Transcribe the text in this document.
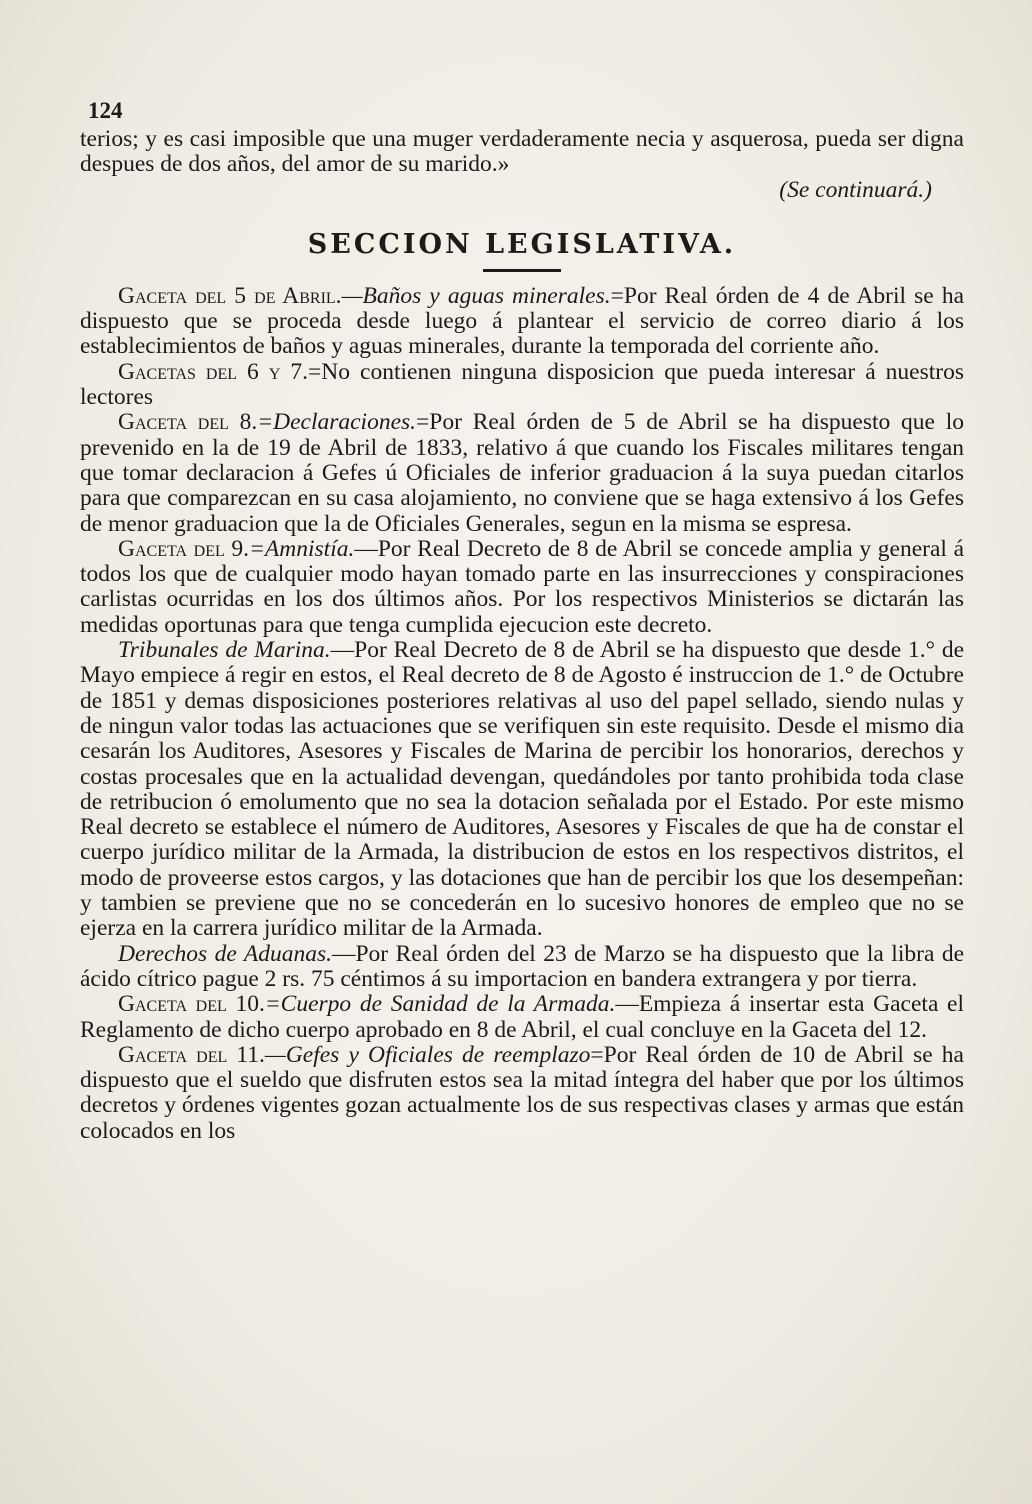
124

terios; y es casi imposible que una muger verdaderamente necia y asquerosa, pueda ser digna despues de dos años, del amor de su marido.»

(Se continuará.)

SECCION LEGISLATIVA.

Gaceta del 5 de Abril.—Baños y aguas minerales.=Por Real órden de 4 de Abril se ha dispuesto que se proceda desde luego á plantear el servicio de correo diario á los establecimientos de baños y aguas minerales, durante la temporada del corriente año.

Gacetas del 6 y 7.=No contienen ninguna disposicion que pueda interesar á nuestros lectores

Gaceta del 8.=Declaraciones.=Por Real órden de 5 de Abril se ha dispuesto que lo prevenido en la de 19 de Abril de 1833, relativo á que cuando los Fiscales militares tengan que tomar declaracion á Gefes ú Oficiales de inferior graduacion á la suya puedan citarlos para que comparezcan en su casa alojamiento, no conviene que se haga extensivo á los Gefes de menor graduacion que la de Oficiales Generales, segun en la misma se espresa.

Gaceta del 9.=Amnistía.—Por Real Decreto de 8 de Abril se concede amplia y general á todos los que de cualquier modo hayan tomado parte en las insurrecciones y conspiraciones carlistas ocurridas en los dos últimos años. Por los respectivos Ministerios se dictarán las medidas oportunas para que tenga cumplida ejecucion este decreto.

Tribunales de Marina.—Por Real Decreto de 8 de Abril se ha dispuesto que desde 1.° de Mayo empiece á regir en estos, el Real decreto de 8 de Agosto é instruccion de 1.° de Octubre de 1851 y demas disposiciones posteriores relativas al uso del papel sellado, siendo nulas y de ningun valor todas las actuaciones que se verifiquen sin este requisito. Desde el mismo dia cesarán los Auditores, Asesores y Fiscales de Marina de percibir los honorarios, derechos y costas procesales que en la actualidad devengan, quedándoles por tanto prohibida toda clase de retribucion ó emolumento que no sea la dotacion señalada por el Estado. Por este mismo Real decreto se establece el número de Auditores, Asesores y Fiscales de que ha de constar el cuerpo jurídico militar de la Armada, la distribucion de estos en los respectivos distritos, el modo de proveerse estos cargos, y las dotaciones que han de percibir los que los desempeñan: y tambien se previene que no se concederán en lo sucesivo honores de empleo que no se ejerza en la carrera jurídico militar de la Armada.

Derechos de Aduanas.—Por Real órden del 23 de Marzo se ha dispuesto que la libra de ácido cítrico pague 2 rs. 75 céntimos á su importacion en bandera extrangera y por tierra.

Gaceta del 10.=Cuerpo de Sanidad de la Armada.—Empieza á insertar esta Gaceta el Reglamento de dicho cuerpo aprobado en 8 de Abril, el cual concluye en la Gaceta del 12.

Gaceta del 11.—Gefes y Oficiales de reemplazo=Por Real órden de 10 de Abril se ha dispuesto que el sueldo que disfruten estos sea la mitad íntegra del haber que por los últimos decretos y órdenes vigentes gozan actualmente los de sus respectivas clases y armas que están colocados en los
